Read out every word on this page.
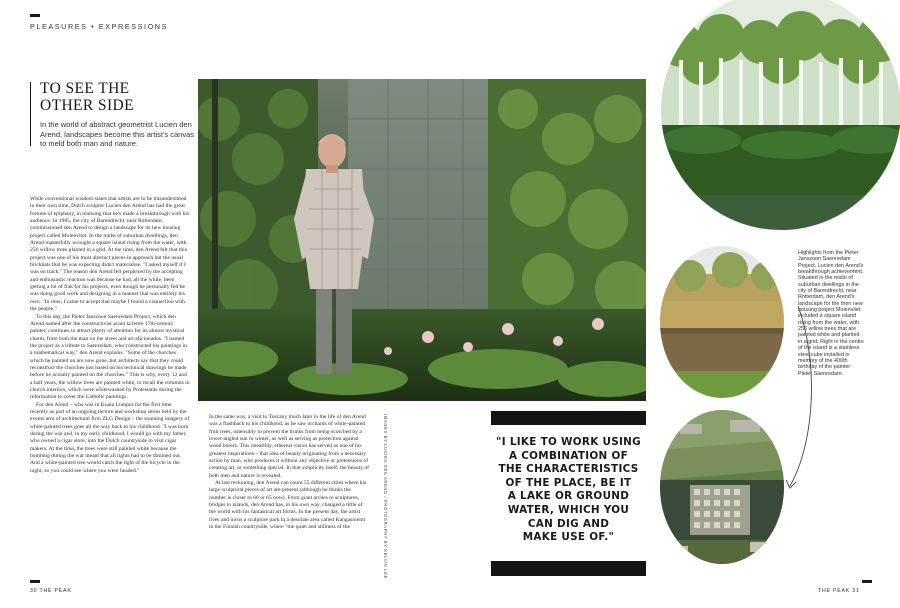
PLEASURES • EXPRESSIONS
TO SEE THE
OTHER SIDE
In the world of abstract geometrist Lucien den Arend, landscapes become this artist's canvas to meld both man and nature.

While conventional wisdom states that artists are to be misunderstood in their own time, Dutch sculptor Lucien den Arend has had the great fortune of epiphany, in realising that he's made a breakthrough with his audience. In 1985, the city of Barendrecht, near Rotterdam, commissioned den Arend to design a landscape for its new housing project called Molenvliet. In the midst of suburban dwellings, den Arend masterfully wrought a square island rising from the water, with 256 willow trees planted in a grid. At the time, den Arend felt that this project was one of his most abstract pieces in approach but the usual brickbats that he was expecting didn't materialise. "I asked myself if I was on track." The reason den Arend felt perplexed by the accepting and enthusiastic reaction was because he had, all the while, been getting a lot of flak for his projects, even though he personally felt he was doing good work and designing in a manner that was entirely his own. "In time, I came to accept that maybe I found a connection with the people."

To this day, the Pieter Janszoon Saenredam Project, which den Arend named after the constructivist avant la lettre 17th-century painter, continues to attract plenty of attention for its almost mystical charm, from both the man on the street and art aficionados. "I named the project as a tribute to Saenredam, who constructed his paintings in a mathematical way," den Arend explains. "Some of the churches which he painted on are now gone, but architects say that they could reconstruct the churches just based on his technical drawings he made before he actually painted on the churches." This is why, every 12 and a half years, the willow trees are painted white, to recall the columns in church interiors, which were whitewashed by Protestants during the reformation to cover the Catholic paintings.

For den Arend – who was in Kuala Lumpur for the first time recently as part of an ongoing lecture and workshop series held by the events arm of architectural firm ZLG Design – the stunning imagery of white-painted trees goes all the way back to his childhood. "I was born during the war and, in my early childhood, I would go with my father, who owned a cigar store, into the Dutch countryside to visit cigar makers. At the time, the trees were still painted white because the bombing during the war meant that all lights had to be dimmed out. And a white-painted tree would catch the light of the bicycle in the night, so you could see where you were headed."

In the same way, a visit to Tuscany much later in the life of den Arend was a flashback to his childhood, as he saw orchards of white-painted fruit trees, ostensibly to prevent the trunks from being scorched by a lower-angled sun in winter, as well as serving as protection against wood borers. This unearthly, ethereal vision has served as one of his greatest inspirations – that idea of beauty originating from a necessary action by man, who produces it without any objective or pretensions of creating art, or something special. In that simplicity itself, the beauty of both men and nature is revealed.

At last reckoning, den Arend can count 55 different cities where his large sculptural pieces of art are present (although he thinks the number is closer to 60 or 65 now). From giant arches to sculptures, bridges to islands, den Arend has, in his own way, changed a little of the world with his fantastical art forms. In the present day, the artist lives and owns a sculpture park in a desolate area called Kangasniemi in the Finnish countryside, where "the quiet and stillness of the	IMAGES BY LUCIEN DEN AREND / PHOTOGRAPHY BY KELVIN LEE	"I LIKE TO WORK USING
A COMBINATION OF
THE CHARACTERISTICS
OF THE PLACE, BE IT
A LAKE OR GROUND
WATER, WHICH YOU
CAN DIG AND
MAKE USE OF."
Highlights from the Pieter Janszoon Saenredam Project, Lucien den Arend's breakthrough achievement. Situated in the midst of suburban dwellings in the city of Barendrecht, near Rotterdam, den Arend's landscape for the then new housing project Molenvliet included a square island rising from the water, with 256 willow trees that are painted white and planted in a grid. Right in the centre of the island is a stainless steel cube installed in memory of the 400th birthday of the painter Pieter Saenredam.
30 THE PEAK	THE PEAK 31
